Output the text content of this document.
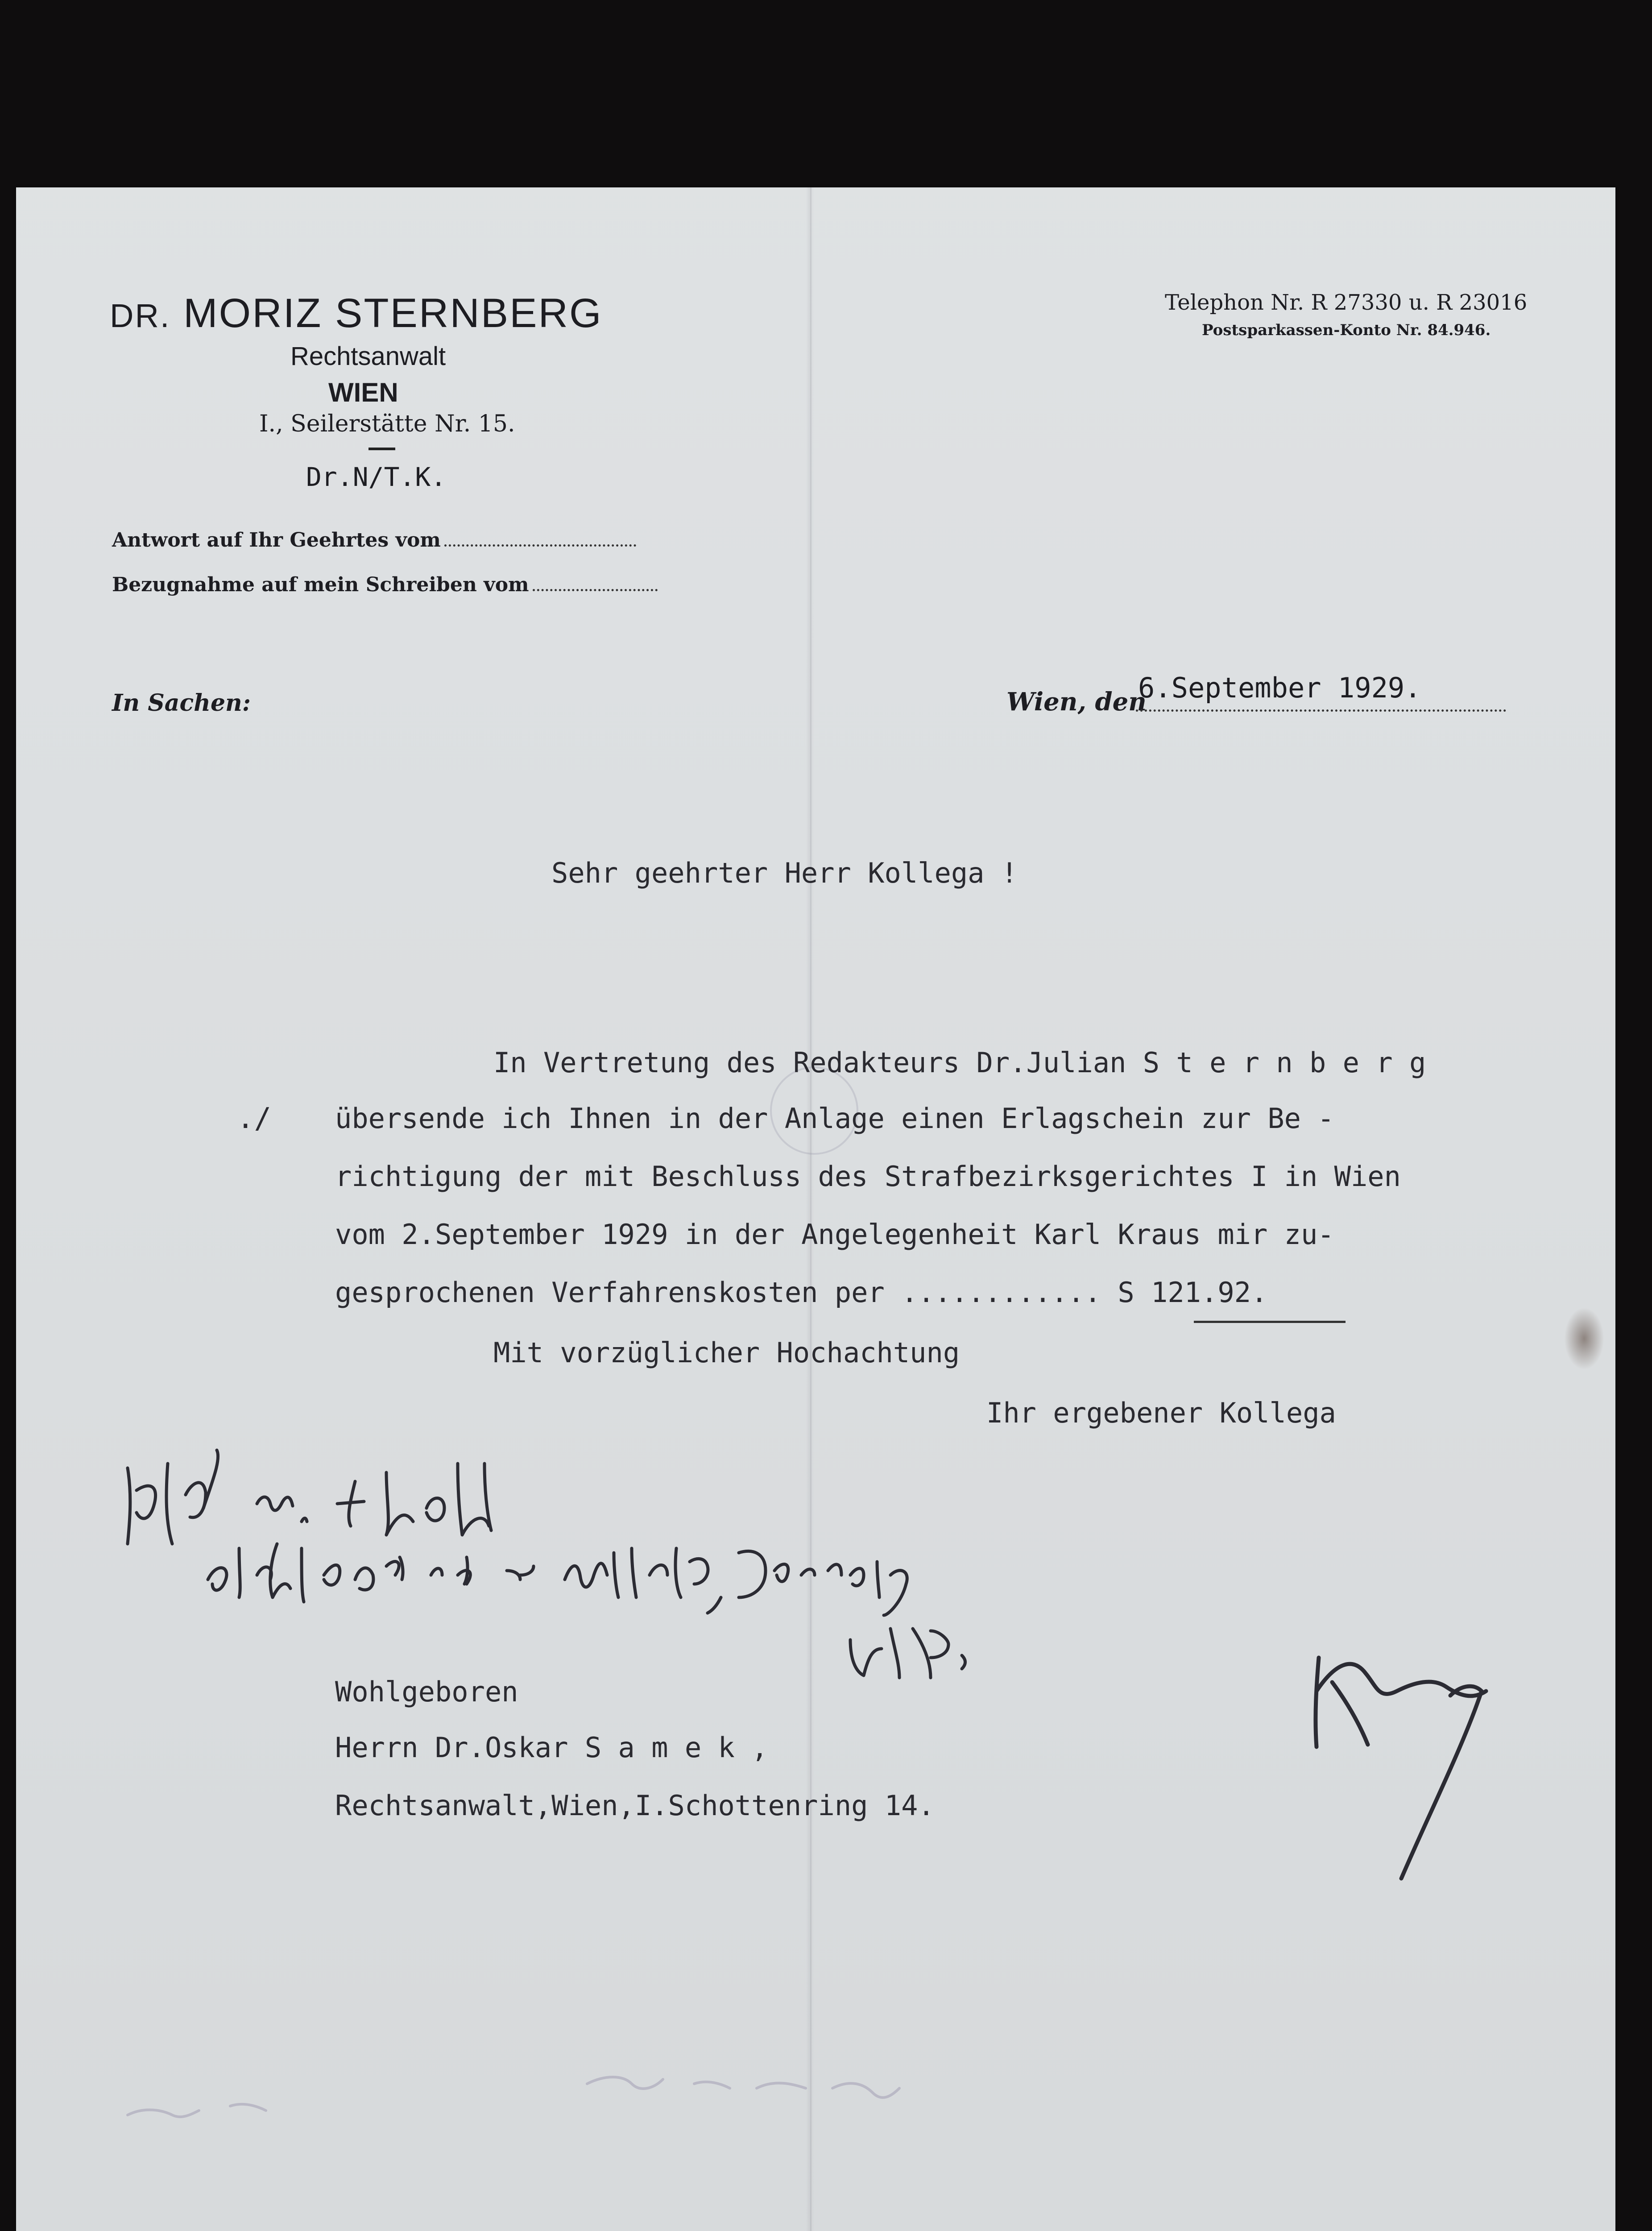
DR. MORIZ STERNBERG
Rechtsanwalt
WIEN
I., Seilerstätte Nr. 15.
Dr.N/T.K.
Antwort auf Ihr Geehrtes vom
Bezugnahme auf mein Schreiben vom
Telephon Nr. R 27330 u. R 23016
Postsparkassen-Konto Nr. 84.946.
In Sachen:	Wien, den
6.September 1929.
Sehr geehrter Herr Kollega !
./
In Vertretung des Redakteurs Dr.Julian S t e r n b e r g
übersende ich Ihnen in der Anlage einen Erlagschein zur Be -
richtigung der mit Beschluss des Strafbezirksgerichtes I in Wien
vom 2.September 1929 in der Angelegenheit Karl Kraus mir zu-
gesprochenen Verfahrenskosten per ............ S 121.92.
Mit vorzüglicher Hochachtung
Ihr ergebener Kollega
Wohlgeboren
Herrn Dr.Oskar S a m e k ,
Rechtsanwalt,Wien,I.Schottenring 14.
